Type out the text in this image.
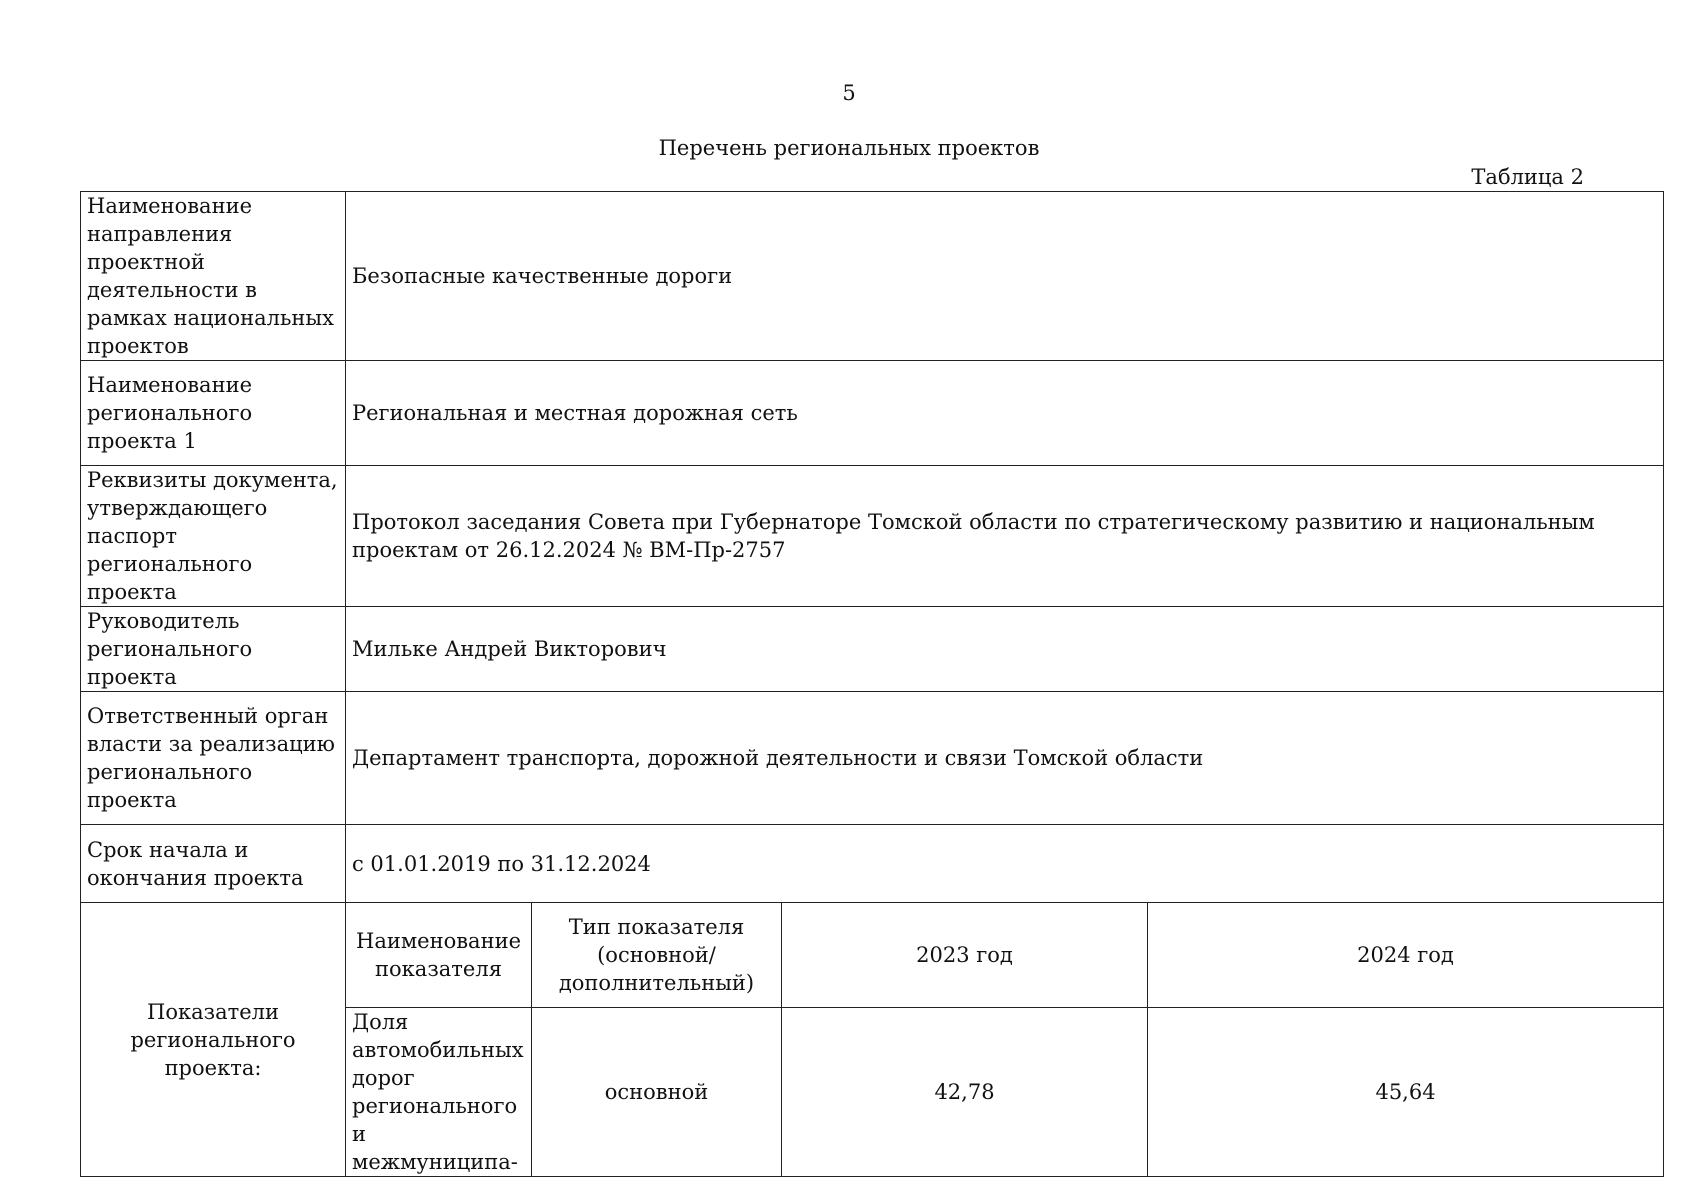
5
Перечень региональных проектов
Таблица 2
Наименование направления проектной деятельности в рамках национальных проектов	Безопасные качественные дороги			
Наименование регионального проекта 1	Региональная и местная дорожная сеть			
Реквизиты документа, утверждающего паспорт регионального проекта	Протокол заседания Совета при Губернаторе Томской области по стратегическому развитию и национальным проектам от 26.12.2024 № ВМ-Пр-2757			
Руководитель регионального проекта	Мильке Андрей Викторович			
Ответственный орган власти за реализацию регионального проекта	Департамент транспорта, дорожной деятельности и связи Томской области			
Срок начала и окончания проекта	с 01.01.2019 по 31.12.2024			
Показатели регионального проекта:	Наименование показателя	Тип показателя (основной/ дополнительный)	2023 год	2024 год
	Доля автомобильных дорог регионального и межмуниципа-	основной	42,78	45,64
